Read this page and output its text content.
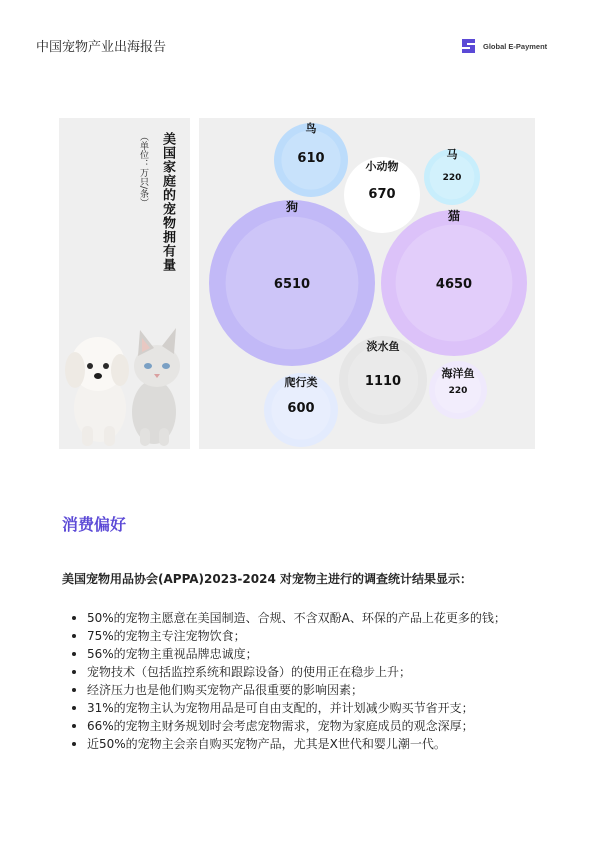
中国宠物产业出海报告	Global E-Payment
美国家庭的宠物拥有量
（单位：万只/条）
鸟
610
小动物
670
马
220
狗
6510
猫
4650
淡水鱼
1110
爬行类
600
海洋鱼
220
消费偏好
美国宠物用品协会(APPA)2023-2024 对宠物主进行的调查统计结果显示：
50%的宠物主愿意在美国制造、合规、不含双酚A、环保的产品上花更多的钱；
75%的宠物主专注宠物饮食；
56%的宠物主重视品牌忠诚度；
宠物技术（包括监控系统和跟踪设备）的使用正在稳步上升；
经济压力也是他们购买宠物产品很重要的影响因素；
31%的宠物主认为宠物用品是可自由支配的，并计划减少购买节省开支；
66%的宠物主财务规划时会考虑宠物需求，宠物为家庭成员的观念深厚；
近50%的宠物主会亲自购买宠物产品，尤其是X世代和婴儿潮一代。
